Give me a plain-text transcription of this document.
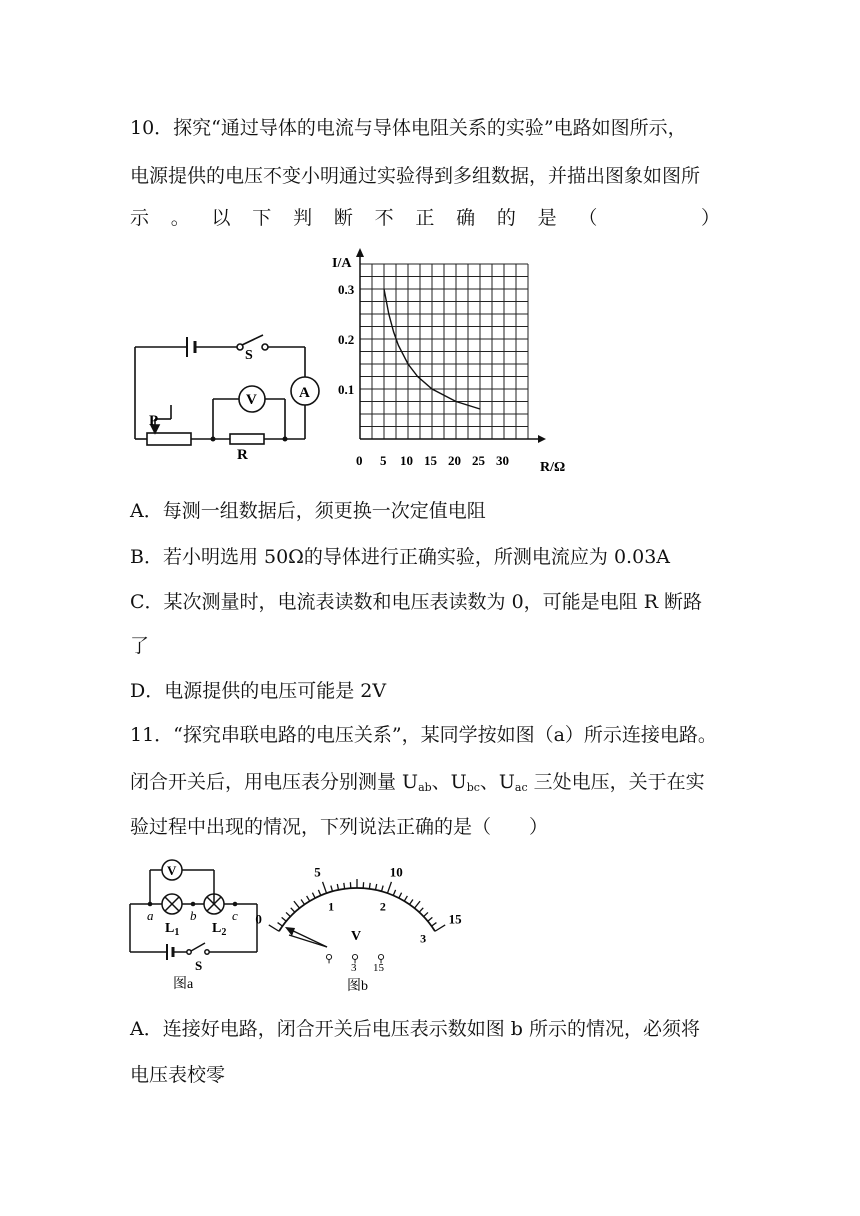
10．探究“通过导体的电流与导体电阻关系的实验”电路如图所示，
电源提供的电压不变小明通过实验得到多组数据，并描出图象如图所
示 。 以 下 判 断 不 正 确 的 是 （	）
S
A
V
P
R
0.3
0.2
0.1
0 5 10 15 20 25 30
I/A
R/Ω
A．每测一组数据后，须更换一次定值电阻
B．若小明选用 50Ω的导体进行正确实验，所测电流应为 0.03A
C．某次测量时，电流表读数和电压表读数为 0，可能是电阻 R 断路
了
D．电源提供的电压可能是 2V
11．“探究串联电路的电压关系”，某同学按如图（a）所示连接电路。
闭合开关后，用电压表分别测量 $U_{ab}$、$U_{bc}$、$U_{ac}$ 三处电压，关于在实
验过程中出现的情况，下列说法正确的是（　　）
V
a	b	c
$L_1$ $L_2$
S
图a
0
5	10
15
1	2
3
V
⚲ ⚲ ⚲
3 15
图b
A．连接好电路，闭合开关后电压表示数如图 b 所示的情况，必须将
电压表校零
